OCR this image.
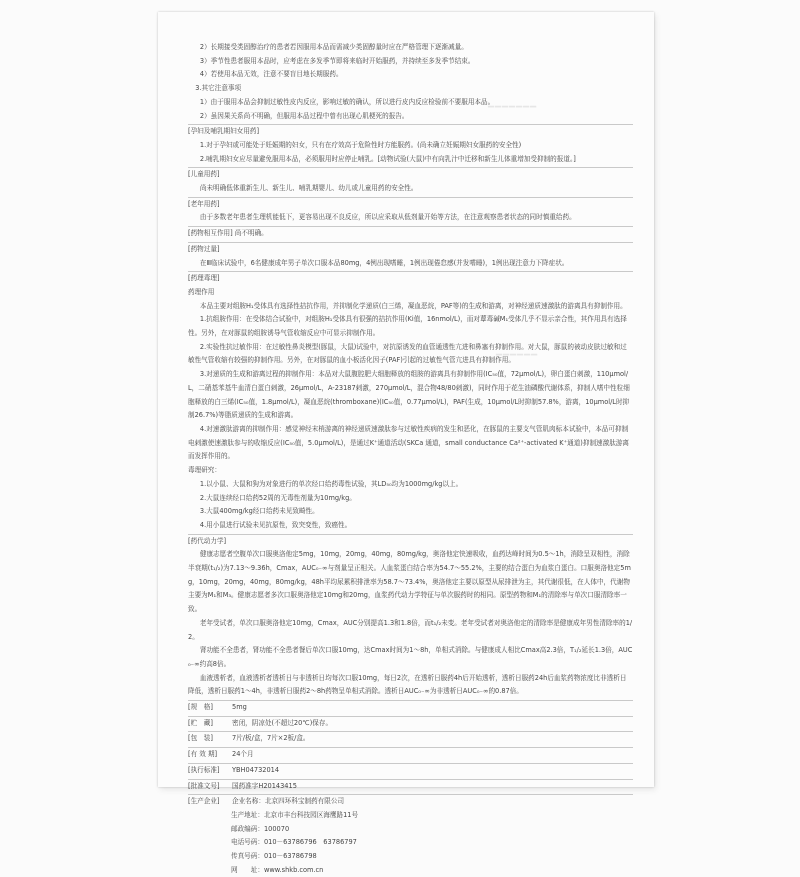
━━━━━━━
━━━━━━

2）长期接受类固醇治疗的患者若因服用本品而需减少类固醇量时应在严格管理下逐渐减量。

3）季节性患者服用本品时，应考虑在多发季节即将来临时开始服药，并持续至多发季节结束。

4）若使用本品无效，注意不要盲目地长期服药。

3.其它注意事项

1）由于服用本品会抑制过敏性皮内反应，影响过敏的确认，所以进行皮内反应检验前不要服用本品。

2）虽因果关系尚不明确，但服用本品过程中曾有出现心肌梗死的报告。

[孕妇及哺乳期妇女用药]

1.对于孕妇或可能处于妊娠期的妇女，只有在疗效高于危险性时方能服药。(尚未确立妊娠期妇女服药的安全性)

2.哺乳期妇女应尽量避免服用本品，必须服用时应停止哺乳。[动物试验(大鼠)中有向乳汁中迁移和新生儿体重增加受抑制的报道。]

[儿童用药]

尚未明确低体重新生儿、新生儿、哺乳期婴儿、幼儿或儿童用药的安全性。

[老年用药]

由于多数老年患者生理机能低下，更容易出现不良反应，所以应采取从低剂量开始等方法，在注意观察患者状态的同时慎重给药。

[药物相互作用] 尚不明确。

[药物过量]

在Ⅲ临床试验中，6名健康成年男子单次口服本品80mg，4例出现嗜睡，1例出现倦怠感(并发嗜睡)，1例出现注意力下降症状。

[药理毒理]

药理作用

本品主要对组胺H₁受体具有选择性拮抗作用，并抑制化学递质(白三烯，凝血恶烷，PAF等)的生成和游离，对神经递质速激肽的游离具有抑制作用。

1.抗组胺作用：在受体结合试验中，对组胺H₁受体具有很强的拮抗作用(Ki值，16nmol/L)，而对蕈毒碱M₁受体几乎不显示亲合性，其作用具有选择性。另外，在对豚鼠的组胺诱导气管收缩反应中可显示抑制作用。

2.实验性抗过敏作用：在过敏性鼻炎模型(豚鼠，大鼠)试验中，对抗原诱发的血管通透性亢进和鼻塞有抑制作用。对大鼠，豚鼠的被动皮肤过敏和过敏性气管收缩有较强的抑制作用。另外，在对豚鼠的血小板活化因子(PAF)引起的过敏性气管亢进具有抑制作用。

3.对递质的生成和游离过程的抑制作用：本品对大鼠腹腔肥大细胞释放的组胺的游离具有抑制作用(IC₅₀值，72μmol/L)，卵白蛋白刺激，110μmol/L，二硝基苯基牛血清白蛋白刺激，26μmol/L，A-23187刺激，270μmol/L，混合物48/80刺激)，同时作用于花生油磷酸代谢体系，抑制人嗜中性粒细胞释放的白三烯(IC₅₀值，1.8μmol/L)，凝血恶烷(thromboxane)(IC₅₀值，0.77μmol/L)，PAF(生成，10μmol/L时抑制57.8%，游离，10μmol/L时抑制26.7%)等脂质递质的生成和游离。

4.对速激肽游离的抑制作用：感觉神经末梢游离的神经递质速激肽参与过敏性疾病的发生和恶化，在豚鼠的主要支气管肌肉标本试验中，本品可抑制电刺激使速激肽参与的收缩反应(IC₅₀值，5.0μmol/L)，是通过K⁺通道活动(SKCa 通道，small conductance Ca²⁺-activated K⁺通道)抑制速激肽游离而发挥作用的。

毒理研究：

1.以小鼠、大鼠和狗为对象进行的单次经口给药毒性试验，其LD₅₀均为1000mg/kg以上。

2.大鼠连续经口给药52周的无毒性剂量为10mg/kg。

3.大鼠400mg/kg经口给药未见致畸性。

4.用小鼠进行试验未见抗原性，致突变性，致癌性。

[药代动力学]

健康志愿者空腹单次口服奥洛他定5mg，10mg，20mg，40mg，80mg/kg，奥洛他定快速吸收，血药达峰时间为0.5～1h，消除呈双相性，消除半衰期(t₁/₂)为7.13～9.36h，Cmax，AUC₀₋∞与剂量呈正相关。人血浆蛋白结合率为54.7～55.2%，主要的结合蛋白为血浆白蛋白。口服奥洛他定5mg，10mg，20mg，40mg，80mg/kg，48h平均尿累积排泄率为58.7～73.4%，奥洛他定主要以原型从尿排泄为主，其代谢很低，在人体中，代谢物主要为M₁和M₃。健康志愿者多次口服奥洛他定10mg和20mg，血浆药代动力学特征与单次服药时的相同。原型药物和M₁的清除率与单次口服清除率一致。

老年受试者，单次口服奥洛他定10mg，Cmax，AUC分别提高1.3和1.8倍，而t₁/₂未变。老年受试者对奥洛他定的清除率是健康成年男性清除率的1/2。

肾功能不全患者，肾功能不全患者餐后单次口服10mg，达Cmax时间为1～8h，单相式消除。与健康成人相比Cmax高2.3倍，T₁/₂延长1.3倍，AUC₀₋∞约高8倍。

血液透析者，血液透析者透析日与非透析日均每次口服10mg，每日2次，在透析日服药4h后开始透析，透析日服药24h后血浆药物浓度比非透析日降低，透析日服药1～4h，非透析日服药2～8h药物呈单相式消除。透析日AUC₀₋∞为非透析日AUC₀₋∞的0.87倍。

[规　格]	5mg
[贮　藏]	密闭，阴凉处(不超过20℃)保存。
[包　装]	7片/板/盒，7片×2板/盒。
[有 效 期]	24个月
[执行标准]	YBH04732014
[批准文号]	国药准字H20143415
[生产企业]	企业名称：北京四环科宝制药有限公司

生产地址：北京市丰台科技园区海鹰路11号

邮政编码：100070

电话号码：010－63786796　63786797

传真号码：010－63786798

网　　址：www.shkb.com.cn
